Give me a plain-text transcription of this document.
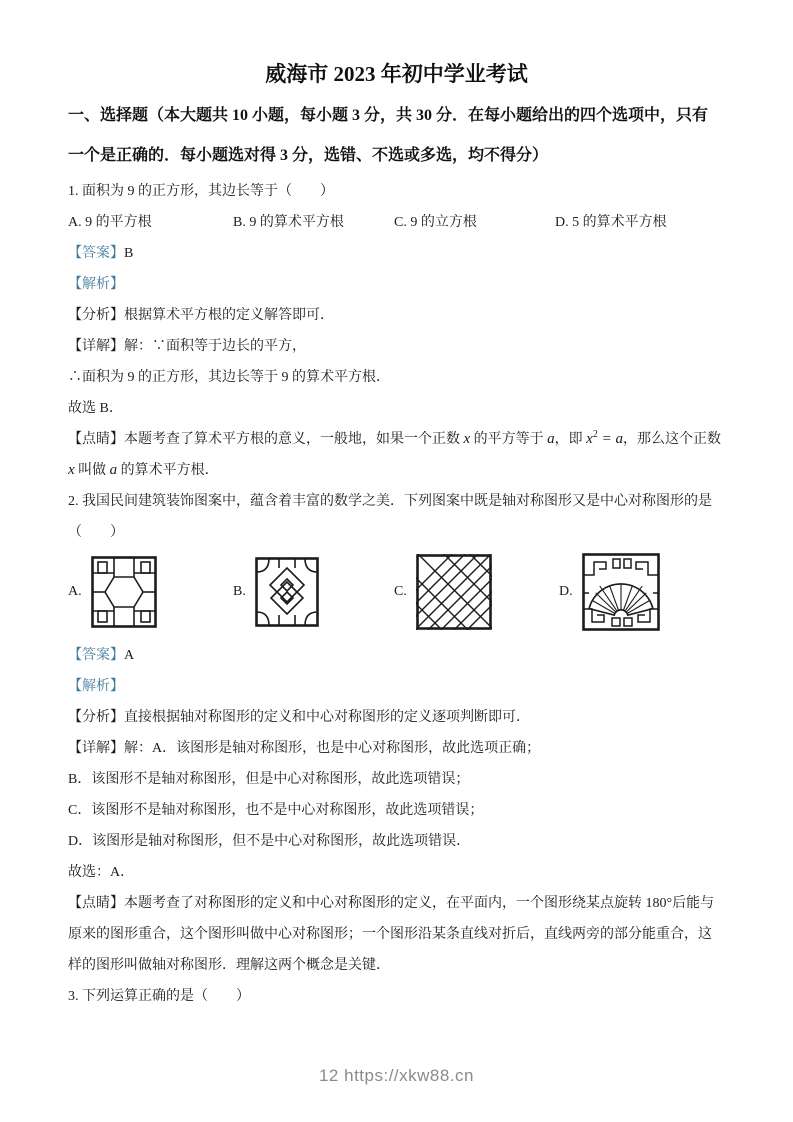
威海市 2023 年初中学业考试
一、选择题（本大题共 10 小题，每小题 3 分，共 30 分．在每小题给出的四个选项中，只有
一个是正确的．每小题选对得 3 分，选错、不选或多选，均不得分）
1. 面积为 9 的正方形，其边长等于（　　）
A. 9 的平方根	B. 9 的算术平方根	C. 9 的立方根	D. 5 的算术平方根
【答案】B
【解析】
【分析】根据算术平方根的定义解答即可．
【详解】解：∵面积等于边长的平方，
∴面积为 9 的正方形，其边长等于 9 的算术平方根．
故选 B．
【点睛】本题考查了算术平方根的意义，一般地，如果一个正数 x 的平方等于 a，即 $x^2 = a$，那么这个正数
x 叫做 a 的算术平方根．
2. 我国民间建筑装饰图案中，蕴含着丰富的数学之美．下列图案中既是轴对称图形又是中心对称图形的是
（　　）
A.	B.	C.	D.
【答案】A
【解析】
【分析】直接根据轴对称图形的定义和中心对称图形的定义逐项判断即可．
【详解】解：A．该图形是轴对称图形，也是中心对称图形，故此选项正确；
B．该图形不是轴对称图形，但是中心对称图形，故此选项错误；
C．该图形不是轴对称图形，也不是中心对称图形，故此选项错误；
D．该图形是轴对称图形，但不是中心对称图形，故此选项错误．
故选：A．
【点睛】本题考查了对称图形的定义和中心对称图形的定义，在平面内，一个图形绕某点旋转 180°后能与
原来的图形重合，这个图形叫做中心对称图形；一个图形沿某条直线对折后，直线两旁的部分能重合，这
样的图形叫做轴对称图形．理解这两个概念是关键．
3. 下列运算正确的是（　　）
12 https://xkw88.cn
